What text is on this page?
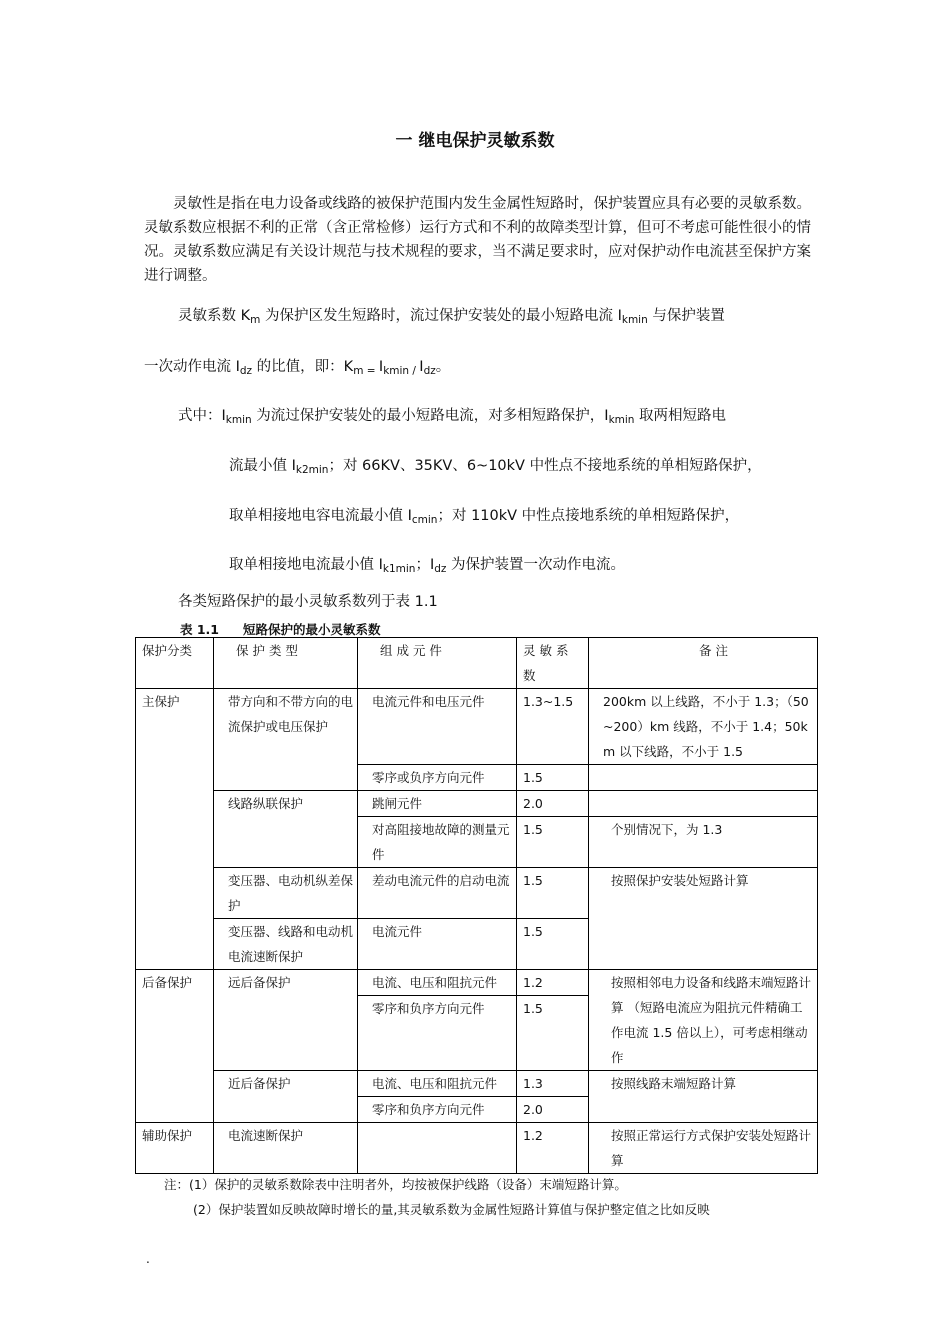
一 继电保护灵敏系数

灵敏性是指在电力设备或线路的被保护范围内发生金属性短路时，保护装置应具有必要的灵敏系数。灵敏系数应根据不利的正常（含正常检修）运行方式和不利的故障类型计算，但可不考虑可能性很小的情况。灵敏系数应满足有关设计规范与技术规程的要求，当不满足要求时，应对保护动作电流甚至保护方案进行调整。

灵敏系数 $K_m$ 为保护区发生短路时，流过保护安装处的最小短路电流 $I_{kmin}$ 与保护装置

一次动作电流 $I_{dz}$ 的比值，即：$K_{m =}$ $I_{kmin /}$ $I_{dz}$。

式中：$I_{kmin}$ 为流过保护安装处的最小短路电流，对多相短路保护，$I_{kmin}$ 取两相短路电

流最小值 $I_{k2min}$；对 66KV、35KV、6~10kV 中性点不接地系统的单相短路保护，

取单相接地电容电流最小值 $I_{cmin}$；对 110kV 中性点接地系统的单相短路保护，

取单相接地电流最小值 $I_{k1min}$；$I_{dz}$ 为保护装置一次动作电流。

各类短路保护的最小灵敏系数列于表 1.1

表 1.1 短路保护的最小灵敏系数

保护分类	保 护 类 型	组 成 元 件	灵 敏 系 数	备 注
主保护	带方向和不带方向的电流保护或电压保护	电流元件和电压元件	1.3~1.5	200km 以上线路，不小于 1.3；（50~200）km 线路，不小于 1.4；50km 以下线路，不小于 1.5
		零序或负序方向元件	1.5	
	线路纵联保护	跳闸元件	2.0	
		对高阻接地故障的测量元件	1.5	个别情况下，为 1.3
	变压器、电动机纵差保护	差动电流元件的启动电流	1.5	按照保护安装处短路计算
	变压器、线路和电动机电流速断保护	电流元件	1.5	

后备保护	远后备保护	电流、电压和阻抗元件	1.2	按照相邻电力设备和线路末端短路计算 （短路电流应为阻抗元件精确工作电流 1.5 倍以上），可考虑相继动作
		零序和负序方向元件	1.5	
	近后备保护	电流、电压和阻抗元件	1.3	按照线路末端短路计算
		零序和负序方向元件	2.0	
辅助保护	电流速断保护		1.2	按照正常运行方式保护安装处短路计算

注：(1）保护的灵敏系数除表中注明者外，均按被保护线路（设备）末端短路计算。

(2）保护装置如反映故障时增长的量,其灵敏系数为金属性短路计算值与保护整定值之比如反映

.
